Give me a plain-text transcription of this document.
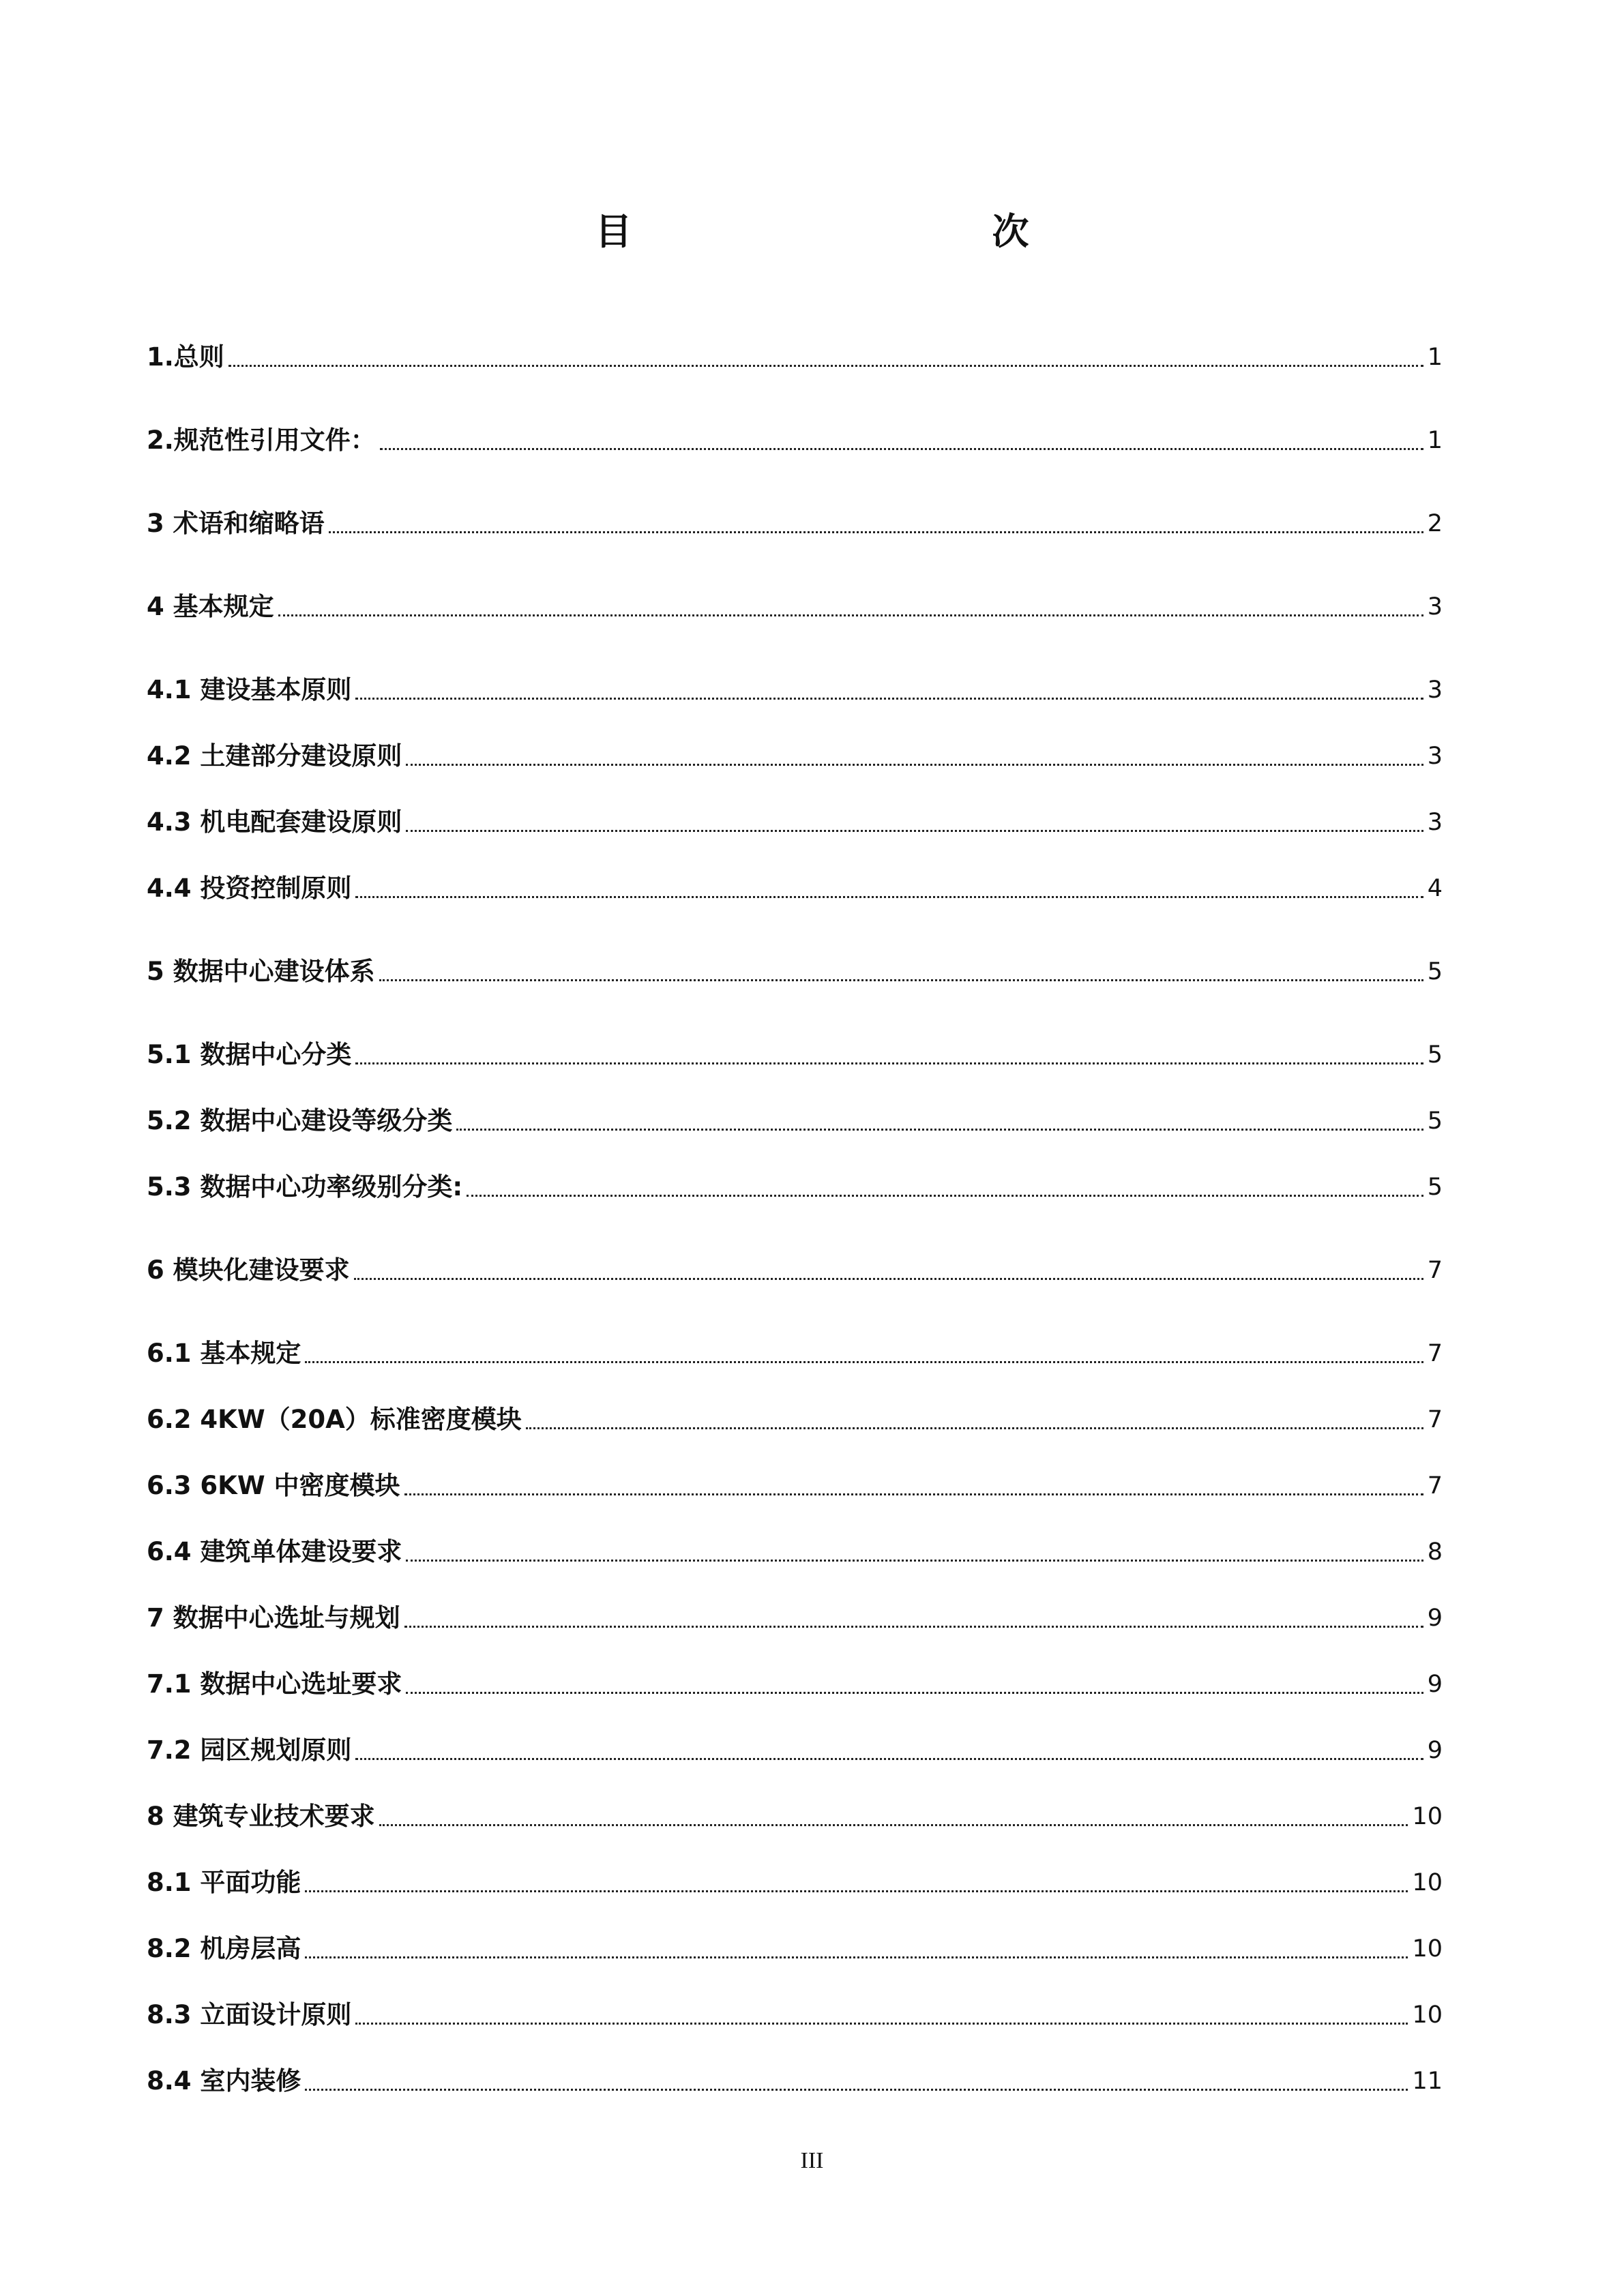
目　　次
1.总则	1
2.规范性引用文件：	1
3 术语和缩略语	2
4 基本规定	3
4.1 建设基本原则	3
4.2 土建部分建设原则	3
4.3 机电配套建设原则	3
4.4 投资控制原则	4
5 数据中心建设体系	5
5.1 数据中心分类	5
5.2 数据中心建设等级分类	5
5.3 数据中心功率级别分类:	5
6 模块化建设要求	7
6.1 基本规定	7
6.2 4KW（20A）标准密度模块	7
6.3 6KW 中密度模块	7
6.4 建筑单体建设要求	8
7 数据中心选址与规划	9
7.1 数据中心选址要求	9
7.2 园区规划原则	9
8 建筑专业技术要求	10
8.1 平面功能	10
8.2 机房层高	10
8.3 立面设计原则	10
8.4 室内装修	11
III
